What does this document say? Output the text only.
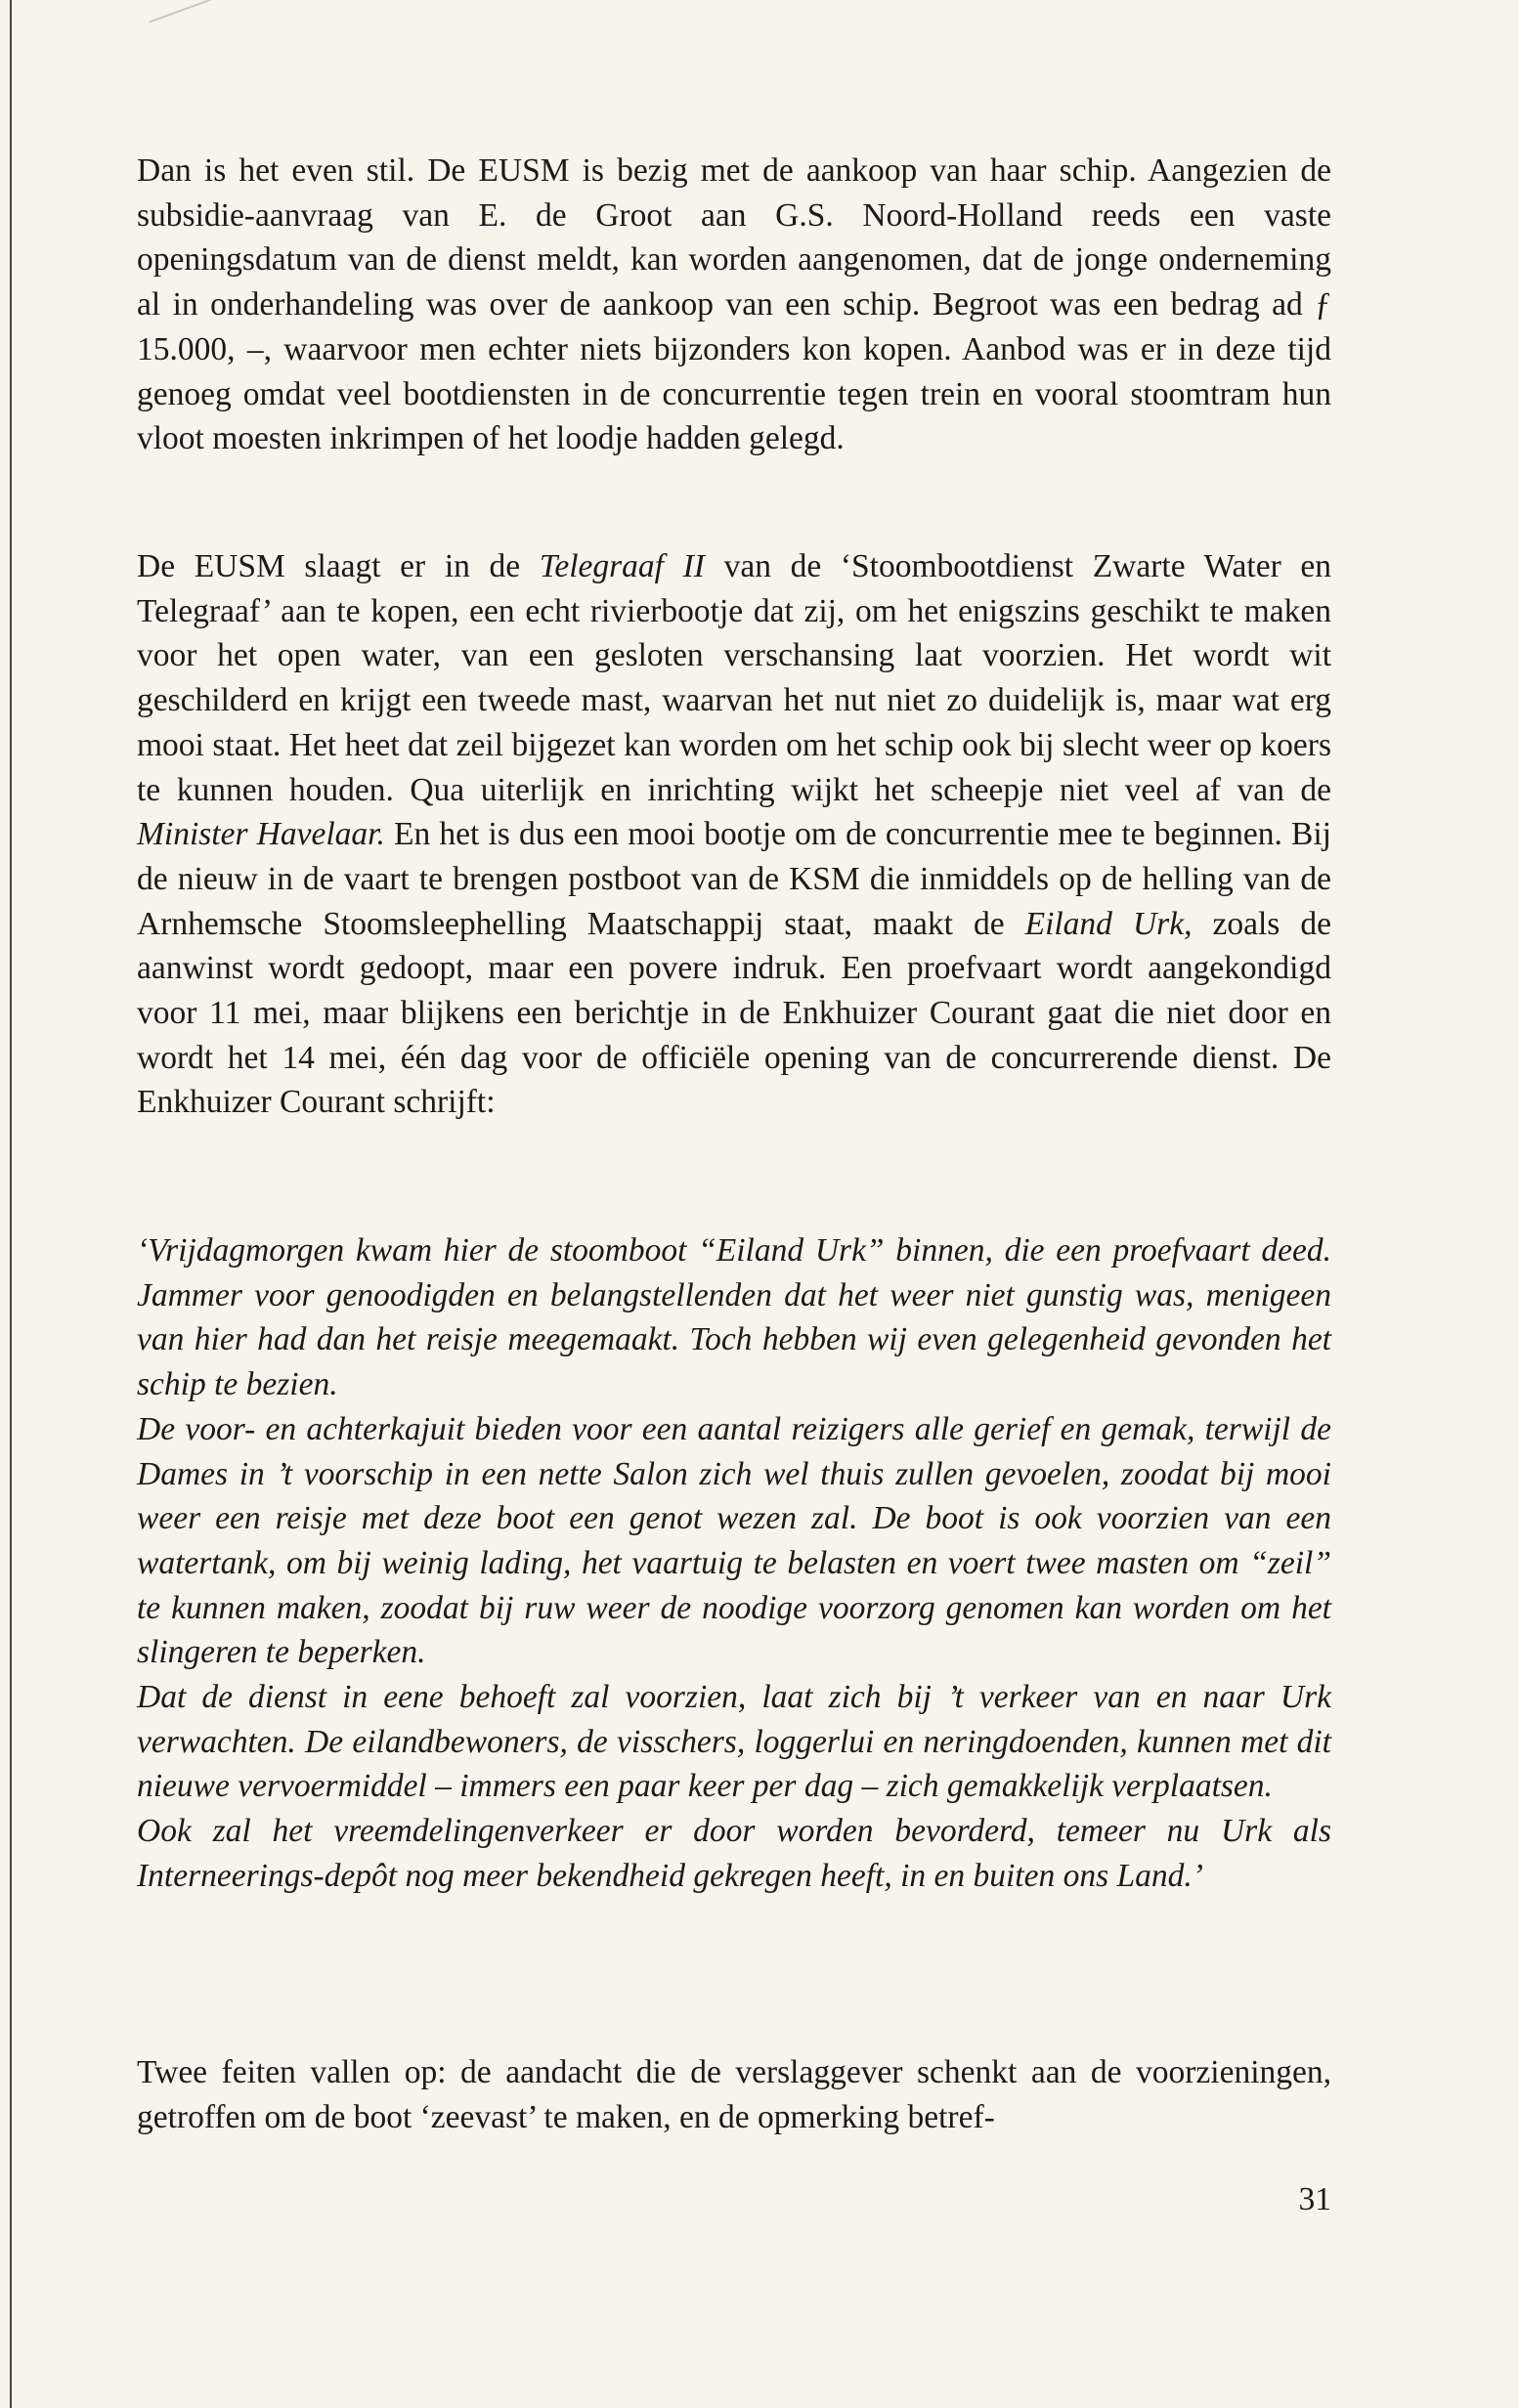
Dan is het even stil. De EUSM is bezig met de aankoop van haar schip. Aangezien de subsidie-aanvraag van E. de Groot aan G.S. Noord-Holland reeds een vaste openingsdatum van de dienst meldt, kan worden aangenomen, dat de jonge onderneming al in onderhandeling was over de aankoop van een schip. Begroot was een bedrag ad ƒ 15.000, –, waarvoor men echter niets bijzonders kon kopen. Aanbod was er in deze tijd genoeg omdat veel bootdiensten in de concurrentie tegen trein en vooral stoomtram hun vloot moesten inkrimpen of het loodje hadden gelegd.

De EUSM slaagt er in de Telegraaf II van de ‘Stoombootdienst Zwarte Water en Telegraaf’ aan te kopen, een echt rivierbootje dat zij, om het enigszins geschikt te maken voor het open water, van een gesloten verschansing laat voorzien. Het wordt wit geschilderd en krijgt een tweede mast, waarvan het nut niet zo duidelijk is, maar wat erg mooi staat. Het heet dat zeil bijgezet kan worden om het schip ook bij slecht weer op koers te kunnen houden. Qua uiterlijk en inrichting wijkt het scheepje niet veel af van de Minister Havelaar. En het is dus een mooi bootje om de concurrentie mee te beginnen. Bij de nieuw in de vaart te brengen postboot van de KSM die inmiddels op de helling van de Arnhemsche Stoomsleephelling Maatschappij staat, maakt de Eiland Urk, zoals de aanwinst wordt gedoopt, maar een povere indruk. Een proefvaart wordt aangekondigd voor 11 mei, maar blijkens een berichtje in de Enkhuizer Courant gaat die niet door en wordt het 14 mei, één dag voor de officiële opening van de concurrerende dienst. De Enkhuizer Courant schrijft:

‘Vrijdagmorgen kwam hier de stoomboot “Eiland Urk” binnen, die een proefvaart deed. Jammer voor genoodigden en belangstellenden dat het weer niet gunstig was, menigeen van hier had dan het reisje meegemaakt. Toch hebben wij even gelegenheid gevonden het schip te bezien.

De voor- en achterkajuit bieden voor een aantal reizigers alle gerief en gemak, terwijl de Dames in ’t voorschip in een nette Salon zich wel thuis zullen gevoelen, zoodat bij mooi weer een reisje met deze boot een genot wezen zal. De boot is ook voorzien van een watertank, om bij weinig lading, het vaartuig te belasten en voert twee masten om “zeil” te kunnen maken, zoodat bij ruw weer de noodige voorzorg genomen kan worden om het slingeren te beperken.

Dat de dienst in eene behoeft zal voorzien, laat zich bij ’t verkeer van en naar Urk verwachten. De eilandbewoners, de visschers, loggerlui en neringdoenden, kunnen met dit nieuwe vervoermiddel – immers een paar keer per dag – zich gemakkelijk verplaatsen.

Ook zal het vreemdelingenverkeer er door worden bevorderd, temeer nu Urk als Interneerings-depôt nog meer bekendheid gekregen heeft, in en buiten ons Land.’

Twee feiten vallen op: de aandacht die de verslaggever schenkt aan de voorzieningen, getroffen om de boot ‘zeevast’ te maken, en de opmerking betref-

31
